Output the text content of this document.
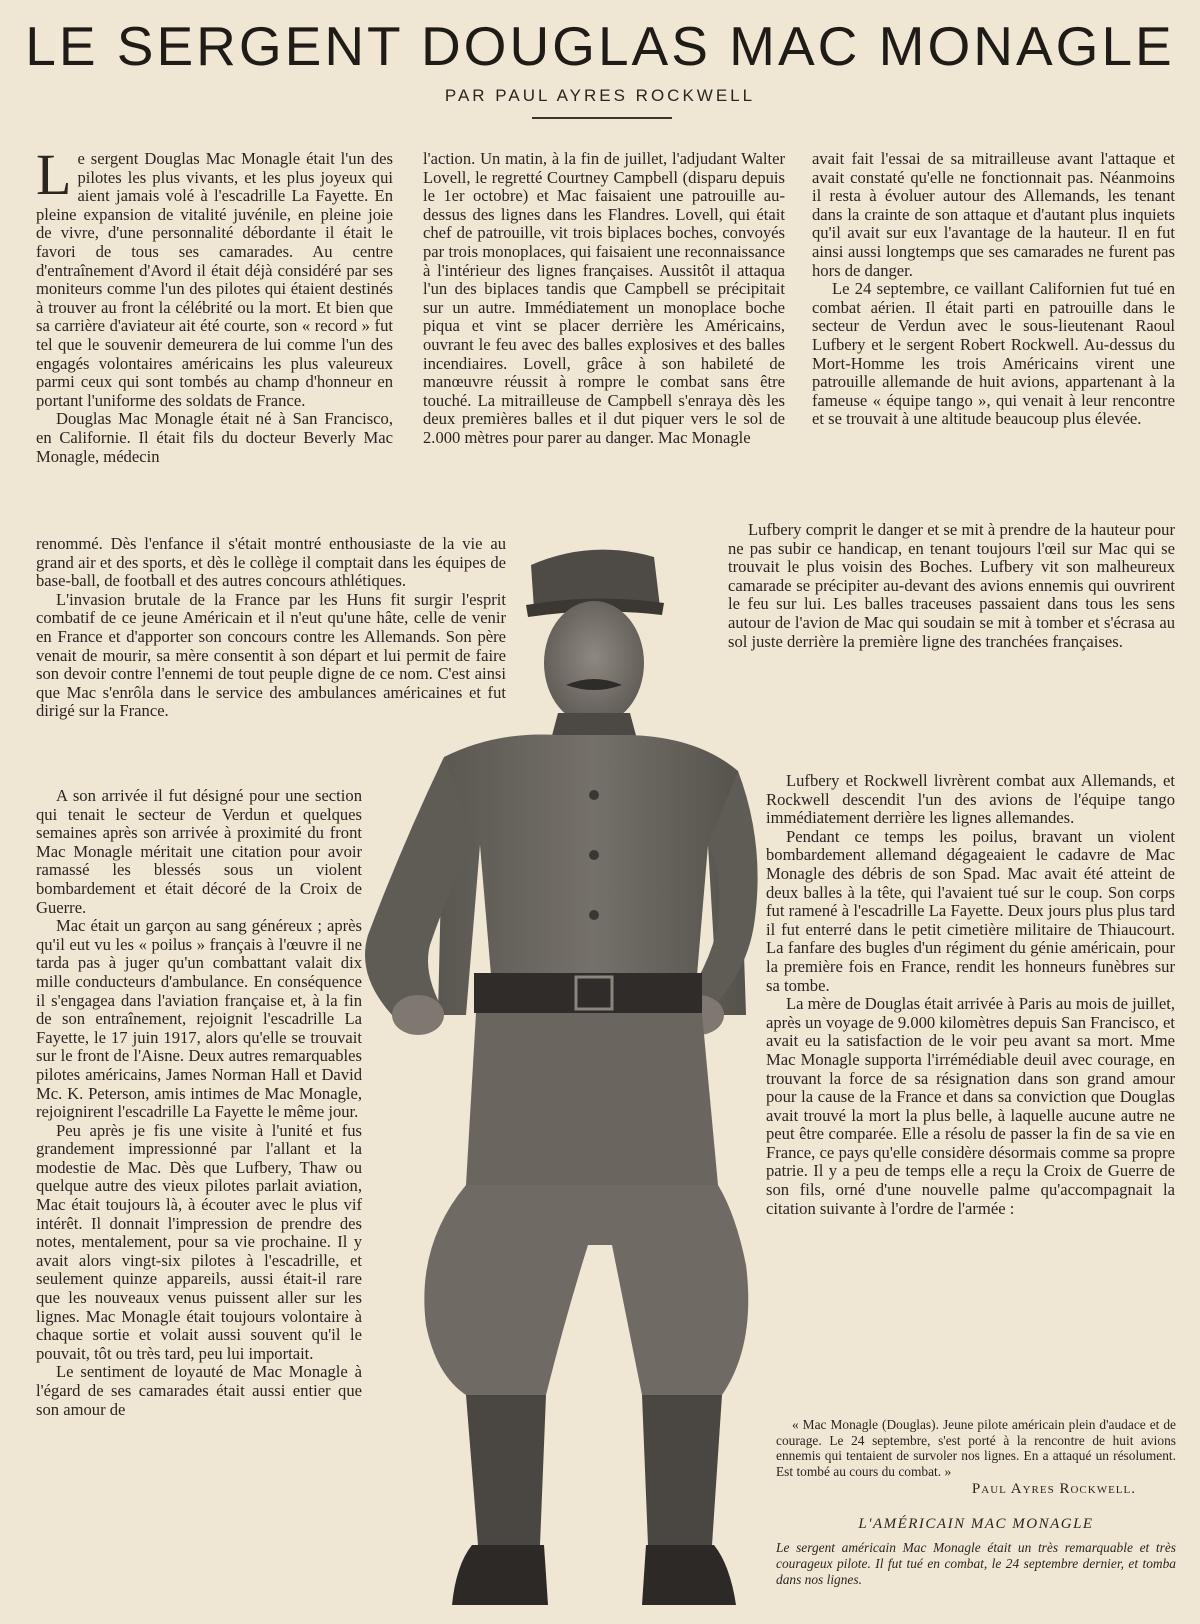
LE SERGENT DOUGLAS MAC MONAGLE
PAR PAUL AYRES ROCKWELL

Le sergent Douglas Mac Monagle était l'un des pilotes les plus vivants, et les plus joyeux qui aient jamais volé à l'escadrille La Fayette. En pleine expansion de vitalité juvénile, en pleine joie de vivre, d'une personnalité débordante il était le favori de tous ses camarades. Au centre d'entraînement d'Avord il était déjà considéré par ses moniteurs comme l'un des pilotes qui étaient destinés à trouver au front la célébrité ou la mort. Et bien que sa carrière d'aviateur ait été courte, son « record » fut tel que le souvenir demeurera de lui comme l'un des engagés volontaires américains les plus valeureux parmi ceux qui sont tombés au champ d'honneur en portant l'uniforme des soldats de France.

Douglas Mac Monagle était né à San Francisco, en Californie. Il était fils du docteur Beverly Mac Monagle, médecin

l'action. Un matin, à la fin de juillet, l'adjudant Walter Lovell, le regretté Courtney Campbell (disparu depuis le 1er octobre) et Mac faisaient une patrouille au-dessus des lignes dans les Flandres. Lovell, qui était chef de patrouille, vit trois biplaces boches, convoyés par trois monoplaces, qui faisaient une reconnaissance à l'intérieur des lignes françaises. Aussitôt il attaqua l'un des biplaces tandis que Campbell se précipitait sur un autre. Immédiatement un monoplace boche piqua et vint se placer derrière les Américains, ouvrant le feu avec des balles explosives et des balles incendiaires. Lovell, grâce à son habileté de manœuvre réussit à rompre le combat sans être touché. La mitrailleuse de Campbell s'enraya dès les deux premières balles et il dut piquer vers le sol de 2.000 mètres pour parer au danger. Mac Monagle

avait fait l'essai de sa mitrailleuse avant l'attaque et avait constaté qu'elle ne fonctionnait pas. Néanmoins il resta à évoluer autour des Allemands, les tenant dans la crainte de son attaque et d'autant plus inquiets qu'il avait sur eux l'avantage de la hauteur. Il en fut ainsi aussi longtemps que ses camarades ne furent pas hors de danger.

Le 24 septembre, ce vaillant Californien fut tué en combat aérien. Il était parti en patrouille dans le secteur de Verdun avec le sous-lieutenant Raoul Lufbery et le sergent Robert Rockwell. Au-dessus du Mort-Homme les trois Américains virent une patrouille allemande de huit avions, appartenant à la fameuse « équipe tango », qui venait à leur rencontre et se trouvait à une altitude beaucoup plus élevée.

renommé. Dès l'enfance il s'était montré enthousiaste de la vie au grand air et des sports, et dès le collège il comptait dans les équipes de base-ball, de football et des autres concours athlétiques.

L'invasion brutale de la France par les Huns fit surgir l'esprit combatif de ce jeune Américain et il n'eut qu'une hâte, celle de venir en France et d'apporter son concours contre les Allemands. Son père venait de mourir, sa mère consentit à son départ et lui permit de faire son devoir contre l'ennemi de tout peuple digne de ce nom. C'est ainsi que Mac s'enrôla dans le service des ambulances américaines et fut dirigé sur la France.

A son arrivée il fut désigné pour une section qui tenait le secteur de Verdun et quelques semaines après son arrivée à proximité du front Mac Monagle méritait une citation pour avoir ramassé les blessés sous un violent bombardement et était décoré de la Croix de Guerre.

Mac était un garçon au sang généreux ; après qu'il eut vu les « poilus » français à l'œuvre il ne tarda pas à juger qu'un combattant valait dix mille conducteurs d'ambulance. En conséquence il s'engagea dans l'aviation française et, à la fin de son entraînement, rejoignit l'escadrille La Fayette, le 17 juin 1917, alors qu'elle se trouvait sur le front de l'Aisne. Deux autres remarquables pilotes américains, James Norman Hall et David Mc. K. Peterson, amis intimes de Mac Monagle, rejoignirent l'escadrille La Fayette le même jour.

Peu après je fis une visite à l'unité et fus grandement impressionné par l'allant et la modestie de Mac. Dès que Lufbery, Thaw ou quelque autre des vieux pilotes parlait aviation, Mac était toujours là, à écouter avec le plus vif intérêt. Il donnait l'impression de prendre des notes, mentalement, pour sa vie prochaine. Il y avait alors vingt-six pilotes à l'escadrille, et seulement quinze appareils, aussi était-il rare que les nouveaux venus puissent aller sur les lignes. Mac Monagle était toujours volontaire à chaque sortie et volait aussi souvent qu'il le pouvait, tôt ou très tard, peu lui importait.

Le sentiment de loyauté de Mac Monagle à l'égard de ses camarades était aussi entier que son amour de

Lufbery comprit le danger et se mit à prendre de la hauteur pour ne pas subir ce handicap, en tenant toujours l'œil sur Mac qui se trouvait le plus voisin des Boches. Lufbery vit son malheureux camarade se précipiter au-devant des avions ennemis qui ouvrirent le feu sur lui. Les balles traceuses passaient dans tous les sens autour de l'avion de Mac qui soudain se mit à tomber et s'écrasa au sol juste derrière la première ligne des tranchées françaises.

Lufbery et Rockwell livrèrent combat aux Allemands, et Rockwell descendit l'un des avions de l'équipe tango immédiatement derrière les lignes allemandes.

Pendant ce temps les poilus, bravant un violent bombardement allemand dégageaient le cadavre de Mac Monagle des débris de son Spad. Mac avait été atteint de deux balles à la tête, qui l'avaient tué sur le coup. Son corps fut ramené à l'escadrille La Fayette. Deux jours plus plus tard il fut enterré dans le petit cimetière militaire de Thiaucourt. La fanfare des bugles d'un régiment du génie américain, pour la première fois en France, rendit les honneurs funèbres sur sa tombe.

La mère de Douglas était arrivée à Paris au mois de juillet, après un voyage de 9.000 kilomètres depuis San Francisco, et avait eu la satisfaction de le voir peu avant sa mort. Mme Mac Monagle supporta l'irrémédiable deuil avec courage, en trouvant la force de sa résignation dans son grand amour pour la cause de la France et dans sa conviction que Douglas avait trouvé la mort la plus belle, à laquelle aucune autre ne peut être comparée. Elle a résolu de passer la fin de sa vie en France, ce pays qu'elle considère désormais comme sa propre patrie. Il y a peu de temps elle a reçu la Croix de Guerre de son fils, orné d'une nouvelle palme qu'accompagnait la citation suivante à l'ordre de l'armée :

« Mac Monagle (Douglas). Jeune pilote américain plein d'audace et de courage. Le 24 septembre, s'est porté à la rencontre de huit avions ennemis qui tentaient de survoler nos lignes. En a attaqué un résolument. Est tombé au cours du combat. »

Paul Ayres Rockwell.
L'AMÉRICAIN MAC MONAGLE
Le sergent américain Mac Monagle était un très remarquable et très courageux pilote. Il fut tué en combat, le 24 septembre dernier, et tomba dans nos lignes.
